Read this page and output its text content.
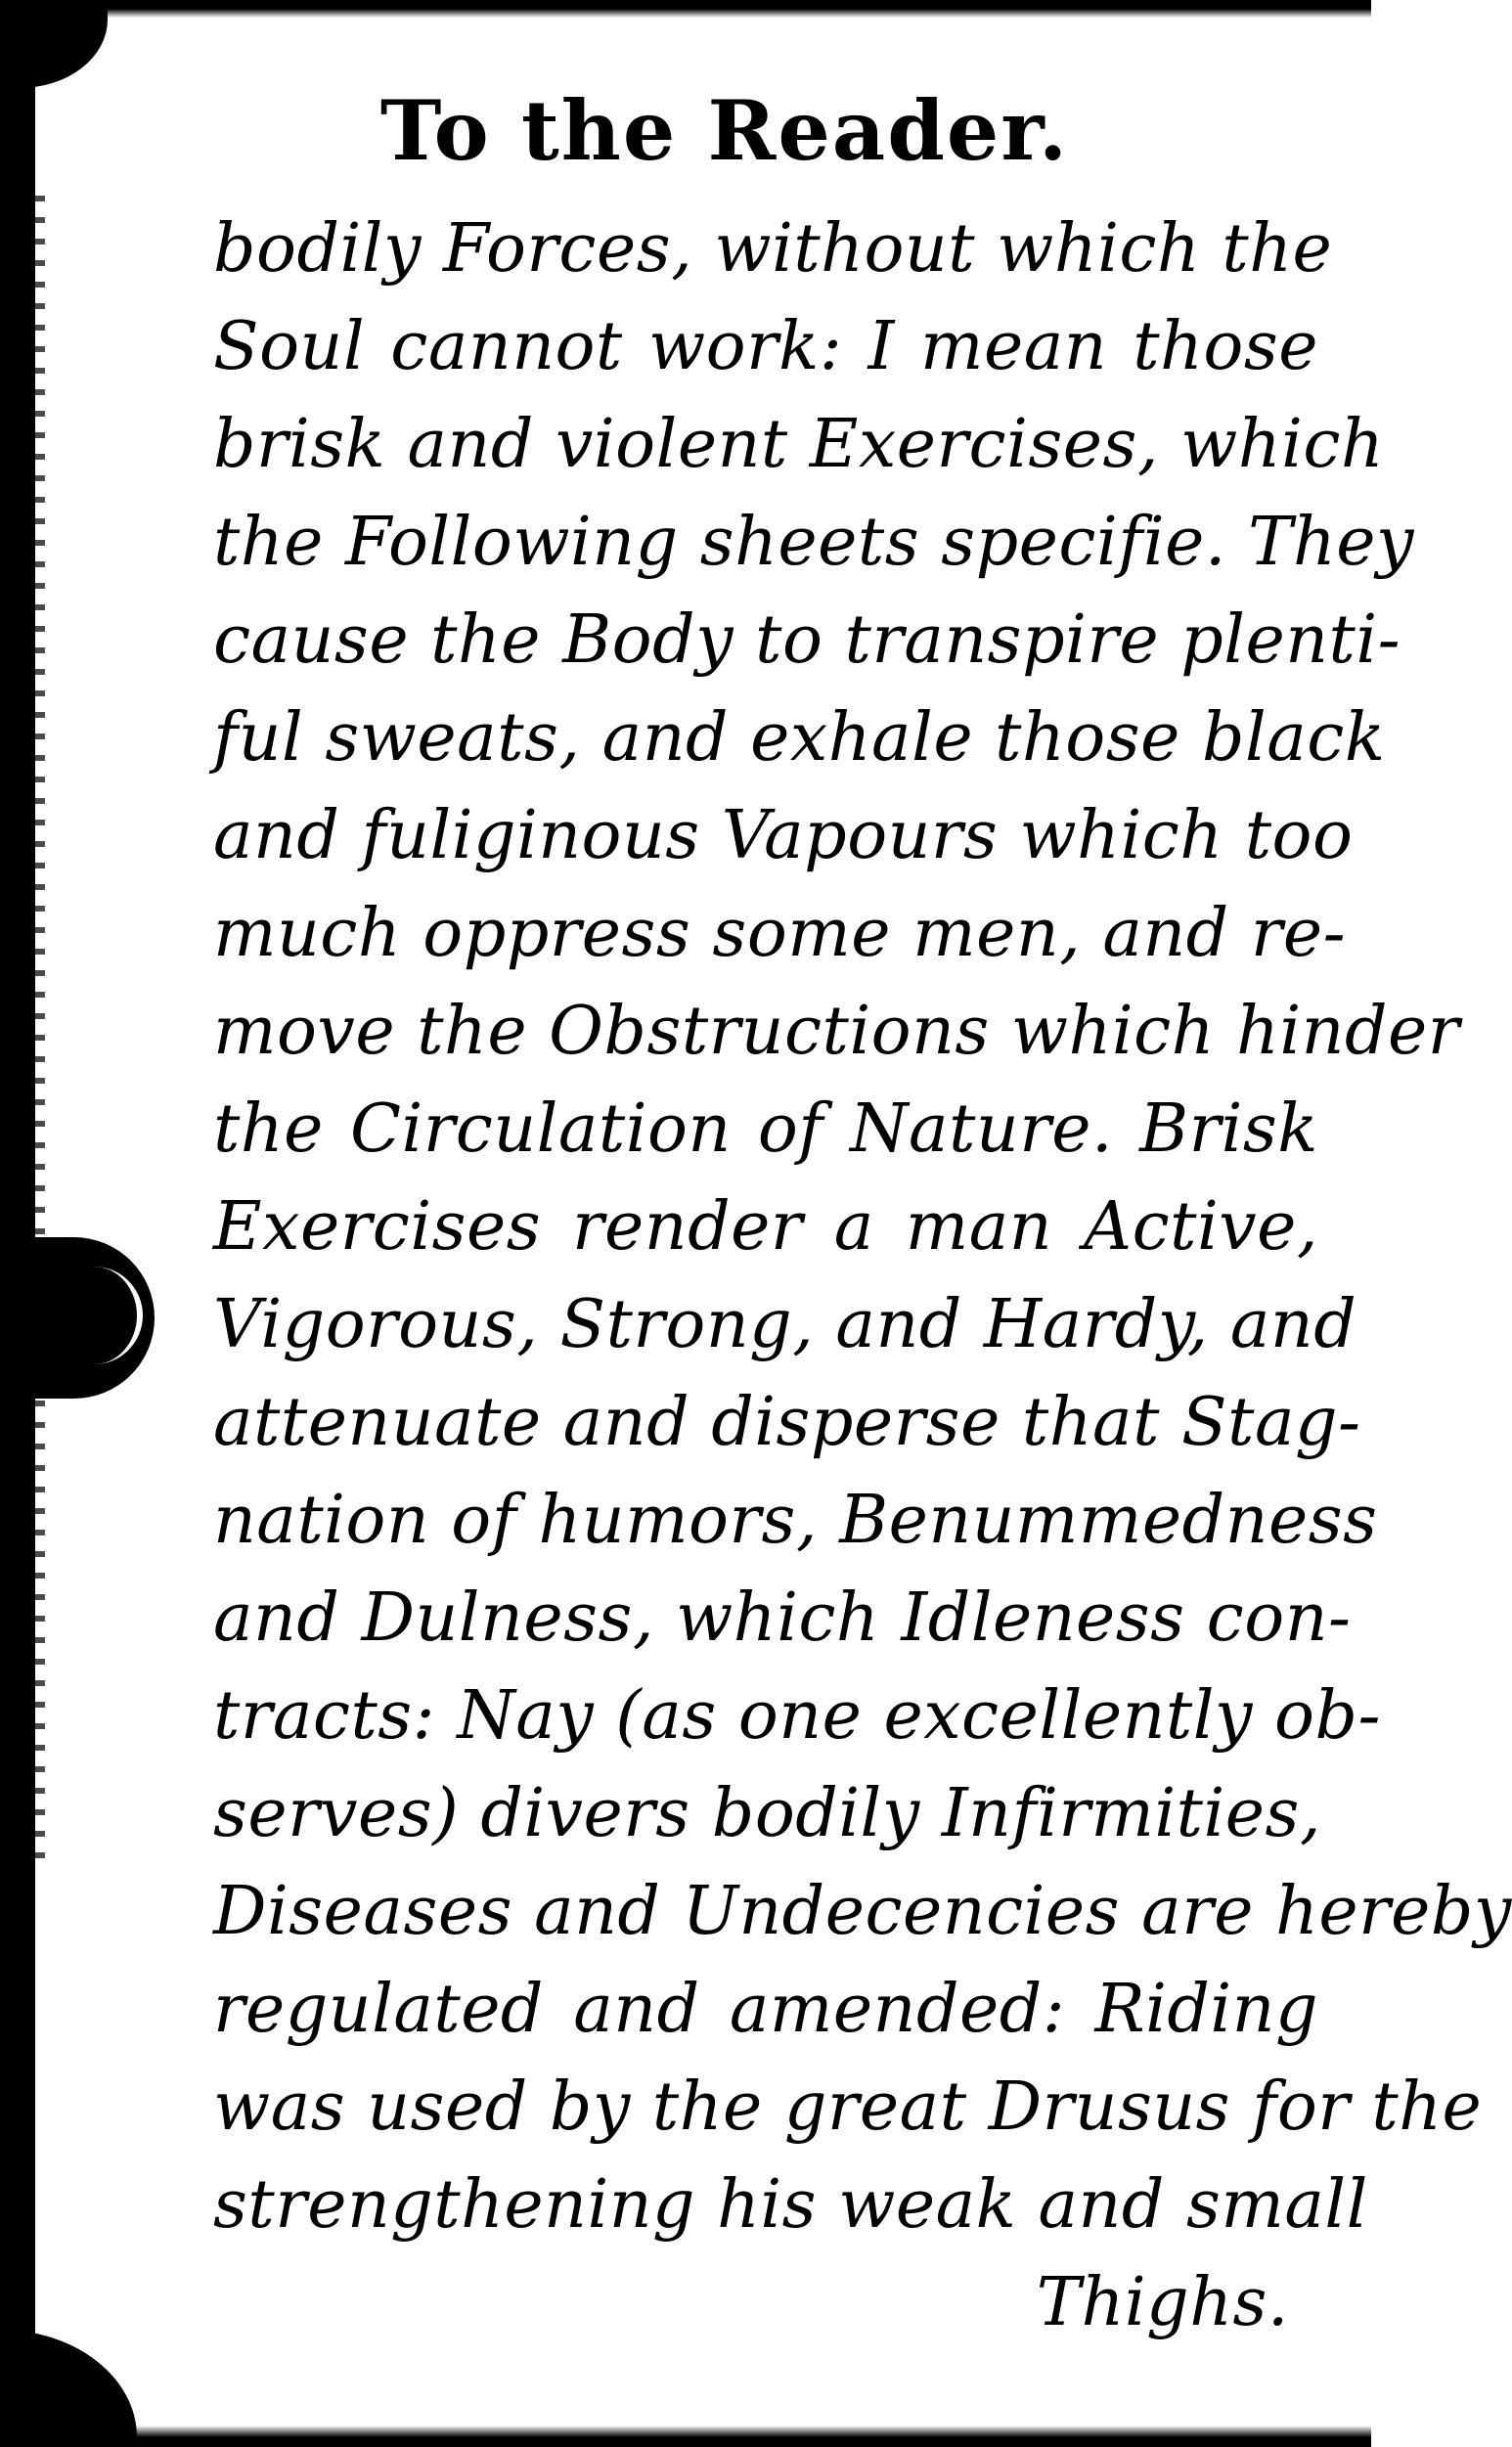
To the Reader.
bodily Forces, without which the
Soul cannot work: I mean those
brisk and violent Exercises, which
the Following sheets specifie. They
cause the Body to transpire plenti-
ful sweats, and exhale those black
and fuliginous Vapours which too
much oppress some men, and re-
move the Obstructions which hinder
the Circulation of Nature. Brisk
Exercises render a man Active,
Vigorous, Strong, and Hardy, and
attenuate and disperse that Stag-
nation of humors, Benummedness
and Dulness, which Idleness con-
tracts: Nay (as one excellently ob-
serves) divers bodily Infirmities,
Diseases and Undecencies are hereby
regulated and amended: Riding
was used by the great Drusus for the
strengthening his weak and small
Thighs.
